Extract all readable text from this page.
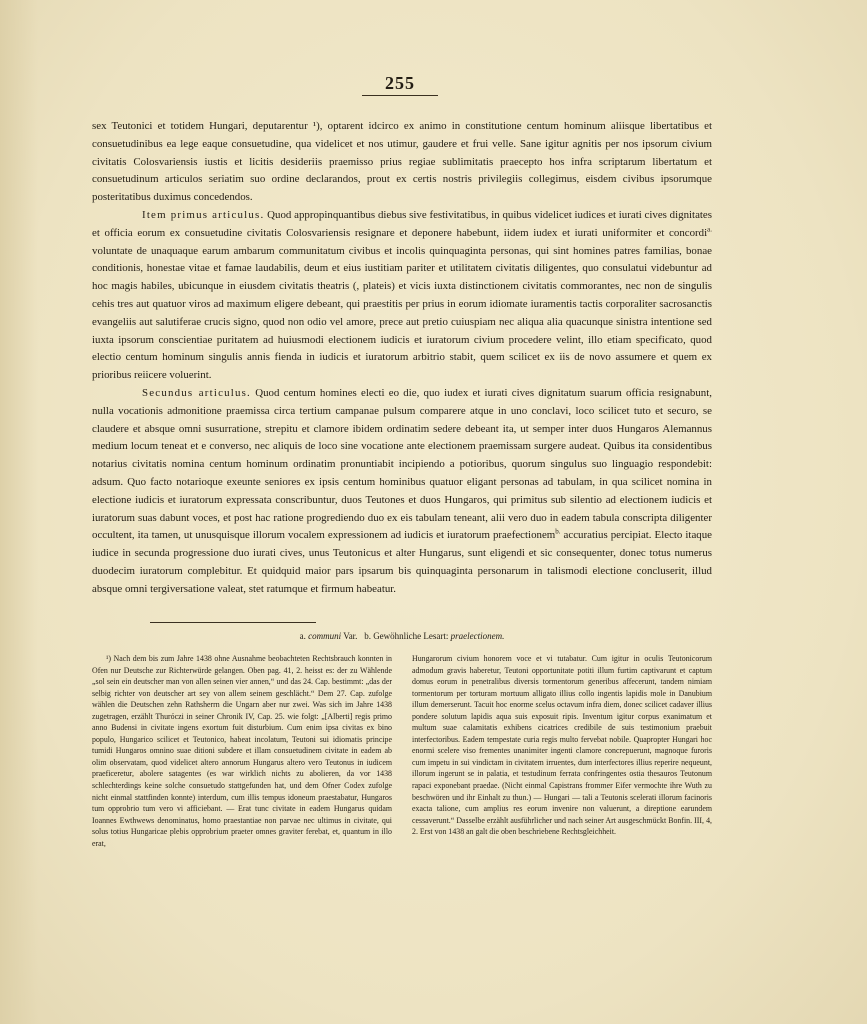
255

sex Teutonici et totidem Hungari, deputarentur ¹), optarent idcirco ex animo in constitutione centum hominum aliisque libertatibus et consuetudinibus ea lege eaque consuetudine, qua videlicet et nos utimur, gaudere et frui velle. Sane igitur agnitis per nos ipsorum civium civitatis Colosvariensis iustis et licitis desideriis praemisso prius regiae sublimitatis praecepto hos infra scriptarum libertatum et consuetudinum articulos seriatim suo ordine declarandos, prout ex certis nostris privilegiis collegimus, eisdem civibus ipsorumque posteritatibus duximus concedendos.

Item primus articulus. Quod appropinquantibus diebus sive festivitatibus, in quibus videlicet iudices et iurati cives dignitates et officia eorum ex consuetudine civitatis Colosvariensis resignare et deponere habebunt, iidem iudex et iurati uniformiter et concordi$^{a.}$ voluntate de unaquaque earum ambarum communitatum civibus et incolis quinquaginta personas, qui sint homines patres familias, bonae conditionis, honestae vitae et famae laudabilis, deum et eius iustitiam pariter et utilitatem civitatis diligentes, quo consulatui videbuntur ad hoc magis habiles, ubicunque in eiusdem civitatis theatris (, plateis) et vicis iuxta distinctionem civitatis commorantes, nec non de singulis cehis tres aut quatuor viros ad maximum eligere debeant, qui praestitis per prius in eorum idiomate iuramentis tactis corporaliter sacrosanctis evangeliis aut salutiferae crucis signo, quod non odio vel amore, prece aut pretio cuiuspiam nec aliqua alia quacunque sinistra intentione sed iuxta ipsorum conscientiae puritatem ad huiusmodi electionem iudicis et iuratorum civium procedere velint, illo etiam specificato, quod electio centum hominum singulis annis fienda in iudicis et iuratorum arbitrio stabit, quem scilicet ex iis de novo assumere et quem ex prioribus reiicere voluerint.

Secundus articulus. Quod centum homines electi eo die, quo iudex et iurati cives dignitatum suarum officia resignabunt, nulla vocationis admonitione praemissa circa tertium campanae pulsum comparere atque in uno conclavi, loco scilicet tuto et securo, se claudere et absque omni susurratione, strepitu et clamore ibidem ordinatim sedere debeant ita, ut semper inter duos Hungaros Alemannus medium locum teneat et e converso, nec aliquis de loco sine vocatione ante electionem praemissam surgere audeat. Quibus ita considentibus notarius civitatis nomina centum hominum ordinatim pronuntiabit incipiendo a potioribus, quorum singulus suo linguagio respondebit: adsum. Quo facto notarioque exeunte seniores ex ipsis centum hominibus quatuor eligant personas ad tabulam, in qua scilicet nomina in electione iudicis et iuratorum expressata conscribuntur, duos Teutones et duos Hungaros, qui primitus sub silentio ad electionem iudicis et iuratorum suas dabunt voces, et post hac ratione progrediendo duo ex eis tabulam teneant, alii vero duo in eadem tabula conscripta diligenter occultent, ita tamen, ut unusquisque illorum vocalem expressionem ad iudicis et iuratorum praefectionem$^{b.}$ accuratius percipiat. Electo itaque iudice in secunda progressione duo iurati cives, unus Teutonicus et alter Hungarus, sunt eligendi et sic consequenter, donec totus numerus duodecim iuratorum complebitur. Et quidquid maior pars ipsarum bis quinquaginta personarum in talismodi electione concluserit, illud absque omni tergiversatione valeat, stet ratumque et firmum habeatur.

a. communi Var. b. Gewöhnliche Lesart: praelectionem.

¹) Nach dem bis zum Jahre 1438 ohne Ausnahme beobachteten Rechtsbrauch konnten in Ofen nur Deutsche zur Richterwürde gelangen. Oben pag. 41, 2. heisst es: der zu Wählende „sol sein ein deutscher man von allen seinen vier annen,“ und das 24. Cap. bestimmt: „das der selbig richter von deutscher art sey von allem seinem geschlächt.“ Dem 27. Cap. zufolge wählen die Deutschen zehn Rathsherrn die Ungarn aber nur zwei. Was sich im Jahre 1438 zugetragen, erzählt Thuróczi in seiner Chronik IV, Cap. 25. wie folgt: „[Alberti] regis primo anno Budensi in civitate ingens exortum fuit disturbium. Cum enim ipsa civitas ex bino populo, Hungarico scilicet et Teutonico, habeat incolatum, Teutoni sui idiomatis principe tumidi Hungaros omnino suae ditioni subdere et illam consuetudinem civitate in eadem ab olim observatam, quod videlicet altero annorum Hungarus altero vero Teutonus in iudicem praeficeretur, abolere satagentes (es war wirklich nichts zu abolieren, da vor 1438 schlechterdings keine solche consuetudo stattgefunden hat, und dem Ofner Codex zufolge nicht einmal stattfinden konnte) interdum, cum illis tempus idoneum praestabatur, Hungaros tum opprobrio tum vero vi afficiebant. — Erat tunc civitate in eadem Hungarus quidam Ioannes Ewthwews denominatus, homo praestantiae non parvae nec ultimus in civitate, qui solus totius Hungaricae plebis opprobrium praeter omnes graviter ferebat, et, quantum in illo erat,

Hungarorum civium honorem voce et vi tutabatur. Cum igitur in oculis Teutonicorum admodum gravis haberetur, Teutoni opportunitate potiti illum furtim captivarunt et captum domus eorum in penetralibus diversis tormentorum generibus affecerunt, tandem nimiam tormentorum per torturam mortuum alligato illius collo ingentis lapidis mole in Danubium illum demerserunt. Tacuit hoc enorme scelus octavum infra diem, donec scilicet cadaver illius pondere solutum lapidis aqua suis exposuit ripis. Inventum igitur corpus exanimatum et multum suae calamitatis exhibens cicatrices credibile de suis testimonium praebuit interfectoribus. Eadem tempestate curia regis multo fervebat nobile. Quapropter Hungari hoc enormi scelere viso frementes unanimiter ingenti clamore concrepuerunt, magnoque furoris cum impetu in sui vindictam in civitatem irruentes, dum interfectores illius reperire nequeunt, illorum ingerunt se in palatia, et testudinum ferrata confringentes ostia thesauros Teutonum rapaci exponebant praedae. (Nicht einmal Capistrans frommer Eifer vermochte ihre Wuth zu beschwören und ihr Einhalt zu thun.) — Hungari — tali a Teutonis scelerati illorum facinoris exacta talione, cum amplius res eorum invenire non valuerunt, a direptione earundem cessaverunt.“ Dasselbe erzählt ausführlicher und nach seiner Art ausgeschmückt Bonfin. III, 4, 2. Erst von 1438 an galt die oben beschriebene Rechtsgleichheit.
